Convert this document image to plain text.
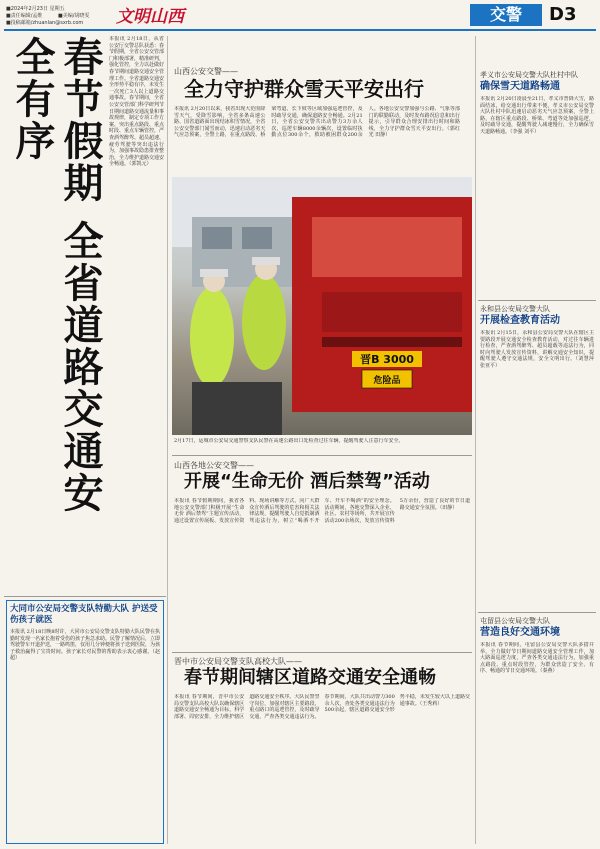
■2024年2月23日 星期五
■责任编辑/孟维	■美编/胡晓雯
■投稿邮箱/zhuanlan@sxrb.com 文明山西	交警	D3
春节假期 全省道路交通安全有序	本报讯 2月18日，从省公安厅交警总队获悉：春节假期，全省公安交管部门积极部署，精准研判，强化管控，全力以赴做好春节期间道路交通安全管理工作。全省道路交通安全形势平稳有序，未发生一次死亡3人以上道路交通事故。春节期间，全省公安交管部门科学研判节日期间道路交通流量和事故规律，制定专项工作方案，突出重点路段、重点时段、重点车辆管控，严查酒驾醉驾、超员超速、疲劳驾驶等突出违法行为，加强事故隐患排查整治，全力维护道路交通安全畅通。（郭凯元）

大同市公安局交警支队特勤大队 护送受伤孩子就医
本报讯 2月18日晚8时许，大同市公安局交警支队特勤大队民警在执勤时发现一名家长抱着受伤的孩子焦急求助。民警了解情况后，立即驾驶警车开道护送，一路鸣笛，仅用几分钟便将孩子送到医院，为孩子救治赢得了宝贵时间。孩子家长对民警的帮助表示衷心感谢。（赵超）
山西公安交警——
全力守护群众雪天平安出行
本报讯 2月20日以来，我省出现大范围降雪天气，受降雪影响，全省多条高速公路、国省道路面出现结冰积雪情况，全省公安交警部门闻雪而动，迅速启动恶劣天气应急预案，全警上路，在重点路段、桥梁弯道、长下坡等区域加强巡逻管控，及时疏导交通，确保道路安全畅通。2月21日，全省公安交警共出动警力3万余人次，巡逻车辆8000余辆次，设置临时执勤点位300余个，救助被困群众200余人。各地公安交警加强与公路、气象等部门的联勤联动，及时发布路况信息和出行提示，引导群众合理安排出行时间和路线，全力守护群众雪天平安出行。（郭红光 田静）
晋B 3000
危险品
2月17日，运城市公安局交通警察支队民警在高速公路出口处检查过往车辆，提醒驾驶人注意行车安全。
山西各地公安交警——
开展“生命无价 酒后禁驾”活动
本报讯 春节假期期间，我省各地公安交警部门积极开展“生命无价 酒后禁驾”主题宣传活动，通过设置宣传展板、发放宣传资料、现场讲解等方式，向广大群众宣传酒后驾驶的危害和相关法律法规，提醒驾驶人自觉抵制酒驾违法行为，树立“喝酒不开车、开车不喝酒”的安全理念。活动期间，各地交警深入企业、社区、农村等场所，共开展宣传活动200余场次，发放宣传资料5万余份，营造了良好的节日道路交通安全氛围。（田静）
晋中市公安局交警支队高校大队——
春节期间辖区道路交通安全通畅
本报讯 春节期间，晋中市公安局交警支队高校大队以确保辖区道路交通安全畅通为目标，科学部署、周密安排，全力维护辖区道路交通安全秩序。大队民警坚守岗位，加强对辖区主要路段、重点路口的巡逻管控，及时疏导交通，严查各类交通违法行为。春节期间，大队共出动警力300余人次，查处各类交通违法行为500余起，辖区道路交通安全形势平稳，未发生较大以上道路交通事故。（王秀莉）
孝义市公安局交警大队杜村中队
确保雪天道路畅通
本报讯 2月20日凌晨至21日，孝义市普降大雪，路面结冰，给交通出行带来不便。孝义市公安局交警大队杜村中队迅速启动恶劣天气应急预案，全警上路，在辖区重点路段、桥梁、弯道等处加强巡逻，及时疏导交通，提醒驾驶人减速慢行，全力确保雪天道路畅通。（李强 刘平）
永和县公安局交警大队
开展检查教育活动
本报讯 2月15日，永和县公安局交警大队在辖区主要路段开展交通安全检查教育活动，对过往车辆进行检查，严查酒驾醉驾、超员超载等违法行为，同时向驾驶人发放宣传资料，讲解交通安全知识，提醒驾驶人遵守交通法规，安全文明出行。（刘慧萍 张亚平）
屯留县公安局交警大队
营造良好交通环境
本报讯 春节期间，屯留县公安局交警大队多措并举，全力做好节日期间道路交通安全管理工作，加大路面巡逻力度，严查各类交通违法行为，加强重点路段、重点时段管控，为群众营造了安全、有序、畅通的节日交通环境。（秦燕）
